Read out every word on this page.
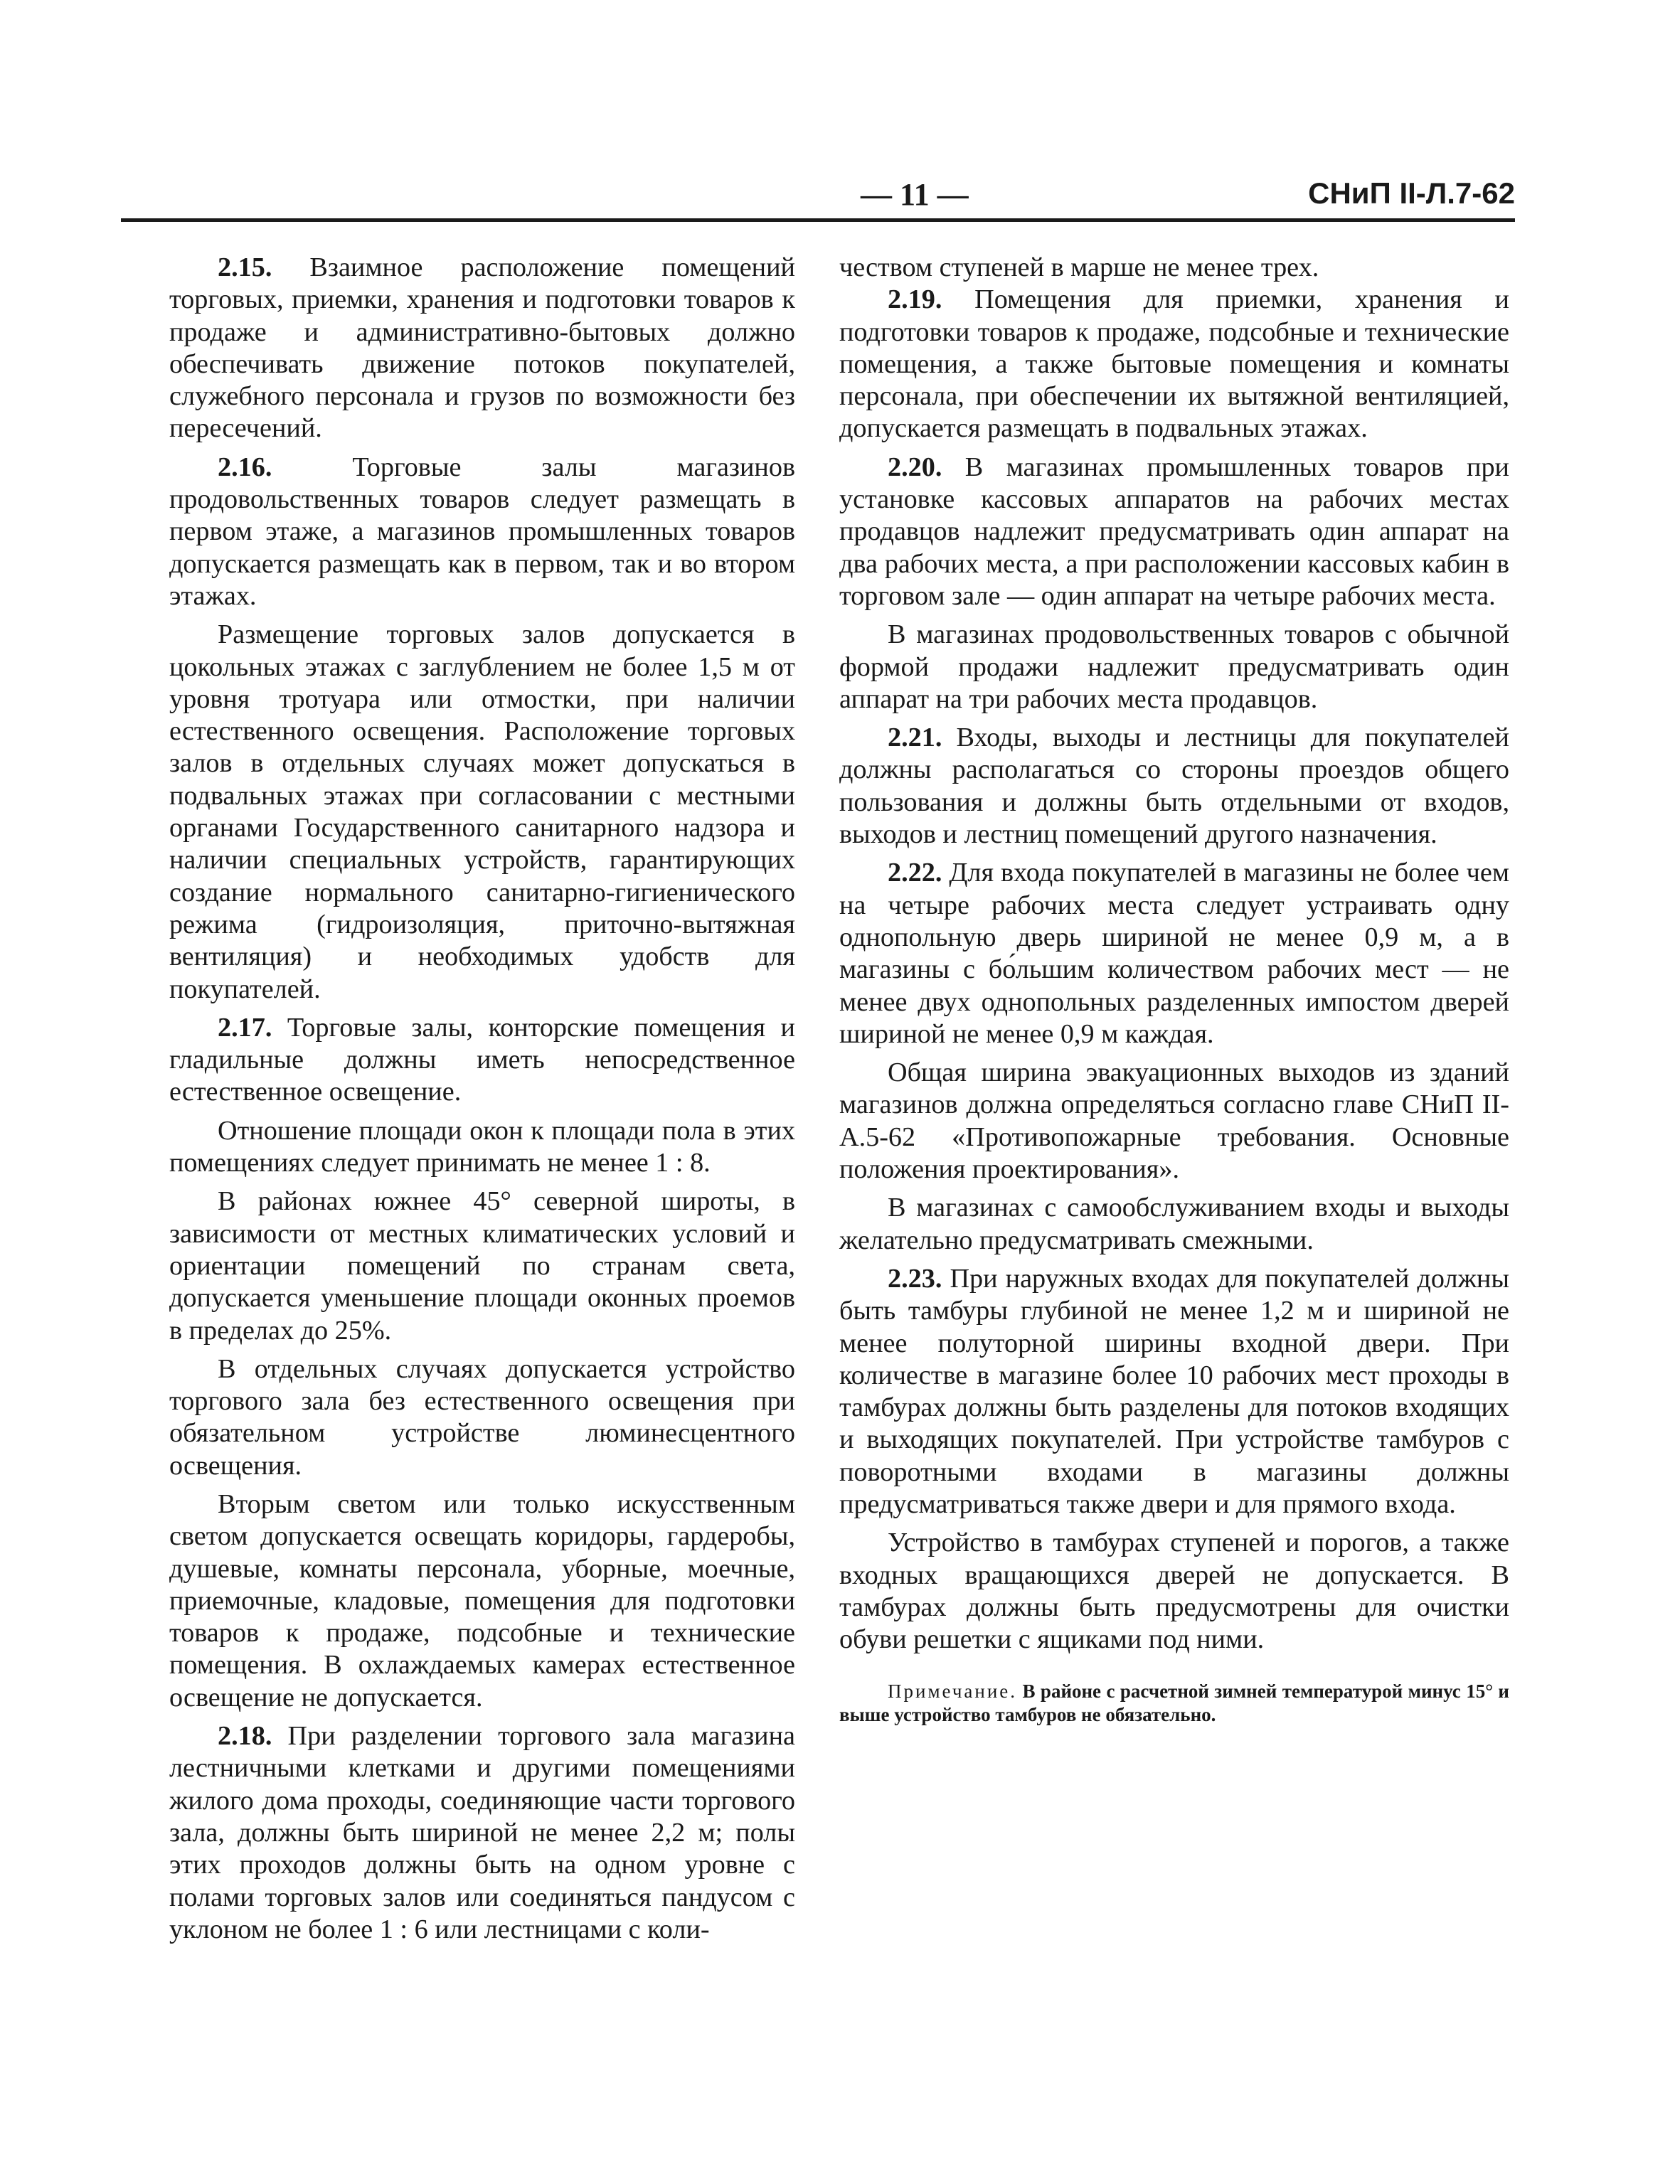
— 11 —	СНиП II-Л.7-62

2.15. Взаимное расположение помещений торговых, приемки, хранения и подготовки товаров к продаже и административно-бытовых должно обеспечивать движение потоков покупателей, служебного персонала и грузов по возможности без пересечений.

2.16. Торговые залы магазинов продовольственных товаров следует размещать в первом этаже, а магазинов промышленных товаров допускается размещать как в первом, так и во втором этажах.

Размещение торговых залов допускается в цокольных этажах с заглублением не более 1,5 м от уровня тротуара или отмостки, при наличии естественного освещения. Расположение торговых залов в отдельных случаях может допускаться в подвальных этажах при согласовании с местными органами Государственного санитарного надзора и наличии специальных устройств, гарантирующих создание нормального санитарно-гигиенического режима (гидроизоляция, приточно-вытяжная вентиляция) и необходимых удобств для покупателей.

2.17. Торговые залы, конторские помещения и гладильные должны иметь непосредственное естественное освещение.

Отношение площади окон к площади пола в этих помещениях следует принимать не менее 1 : 8.

В районах южнее 45° северной широты, в зависимости от местных климатических условий и ориентации помещений по странам света, допускается уменьшение площади оконных проемов в пределах до 25%.

В отдельных случаях допускается устройство торгового зала без естественного освещения при обязательном устройстве люминесцентного освещения.

Вторым светом или только искусственным светом допускается освещать коридоры, гардеробы, душевые, комнаты персонала, уборные, моечные, приемочные, кладовые, помещения для подготовки товаров к продаже, подсобные и технические помещения. В охлаждаемых камерах естественное освещение не допускается.

2.18. При разделении торгового зала магазина лестничными клетками и другими помещениями жилого дома проходы, соединяющие части торгового зала, должны быть шириной не менее 2,2 м; полы этих проходов должны быть на одном уровне с полами торговых залов или соединяться пандусом с уклоном не более 1 : 6 или лестницами с коли-

чеством ступеней в марше не менее трех.

2.19. Помещения для приемки, хранения и подготовки товаров к продаже, подсобные и технические помещения, а также бытовые помещения и комнаты персонала, при обеспечении их вытяжной вентиляцией, допускается размещать в подвальных этажах.

2.20. В магазинах промышленных товаров при установке кассовых аппаратов на рабочих местах продавцов надлежит предусматривать один аппарат на два рабочих места, а при расположении кассовых кабин в торговом зале — один аппарат на четыре рабочих места.

В магазинах продовольственных товаров с обычной формой продажи надлежит предусматривать один аппарат на три рабочих места продавцов.

2.21. Входы, выходы и лестницы для покупателей должны располагаться со стороны проездов общего пользования и должны быть отдельными от входов, выходов и лестниц помещений другого назначения.

2.22. Для входа покупателей в магазины не более чем на четыре рабочих места следует устраивать одну однопольную дверь шириной не менее 0,9 м, а в магазины с бо́льшим количеством рабочих мест — не менее двух однопольных разделенных импостом дверей шириной не менее 0,9 м каждая.

Общая ширина эвакуационных выходов из зданий магазинов должна определяться согласно главе СНиП II-А.5-62 «Противопожарные требования. Основные положения проектирования».

В магазинах с самообслуживанием входы и выходы желательно предусматривать смежными.

2.23. При наружных входах для покупателей должны быть тамбуры глубиной не менее 1,2 м и шириной не менее полуторной ширины входной двери. При количестве в магазине более 10 рабочих мест проходы в тамбурах должны быть разделены для потоков входящих и выходящих покупателей. При устройстве тамбуров с поворотными входами в магазины должны предусматриваться также двери и для прямого входа.

Устройство в тамбурах ступеней и порогов, а также входных вращающихся дверей не допускается. В тамбурах должны быть предусмотрены для очистки обуви решетки с ящиками под ними.

Примечание. В районе с расчетной зимней температурой минус 15° и выше устройство тамбуров не обязательно.
